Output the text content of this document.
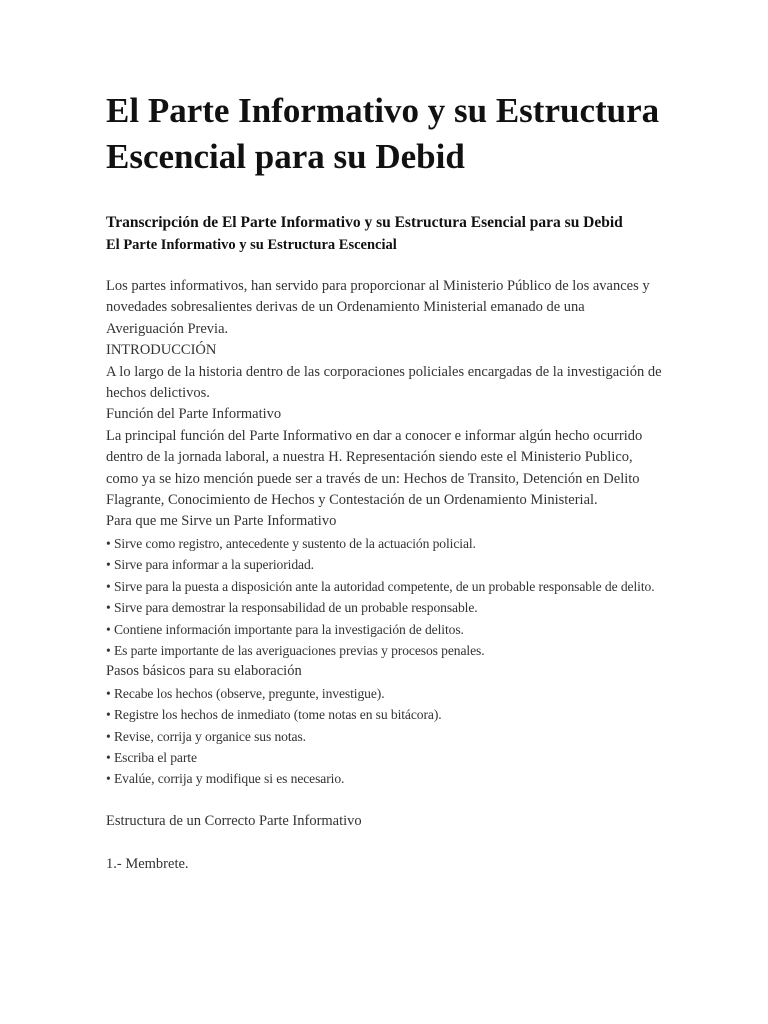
El Parte Informativo y su Estructura Escencial para su Debid

Transcripción de El Parte Informativo y su Estructura Esencial para su Debid

El Parte Informativo y su Estructura Escencial

Los partes informativos, han servido para proporcionar al Ministerio Público de los avances y novedades sobresalientes derivas de un Ordenamiento Ministerial emanado de una Averiguación Previa.

INTRODUCCIÓN

A lo largo de la historia dentro de las corporaciones policiales encargadas de la investigación de hechos delictivos.

Función del Parte Informativo

La principal función del Parte Informativo en dar a conocer e informar algún hecho ocurrido dentro de la jornada laboral, a nuestra H. Representación siendo este el Ministerio Publico, como ya se hizo mención puede ser a través de un: Hechos de Transito, Detención en Delito Flagrante, Conocimiento de Hechos y Contestación de un Ordenamiento Ministerial.

Para que me Sirve un Parte Informativo

• Sirve como registro, antecedente y sustento de la actuación policial.

• Sirve para informar a la superioridad.

• Sirve para la puesta a disposición ante la autoridad competente, de un probable responsable de delito.

• Sirve para demostrar la responsabilidad de un probable responsable.

• Contiene información importante para la investigación de delitos.

• Es parte importante de las averiguaciones previas y procesos penales.

Pasos básicos para su elaboración

• Recabe los hechos (observe, pregunte, investigue).

• Registre los hechos de inmediato (tome notas en su bitácora).

• Revise, corrija y organice sus notas.

• Escriba el parte

• Evalúe, corrija y modifique si es necesario.

Estructura de un Correcto Parte Informativo

1.- Membrete.
